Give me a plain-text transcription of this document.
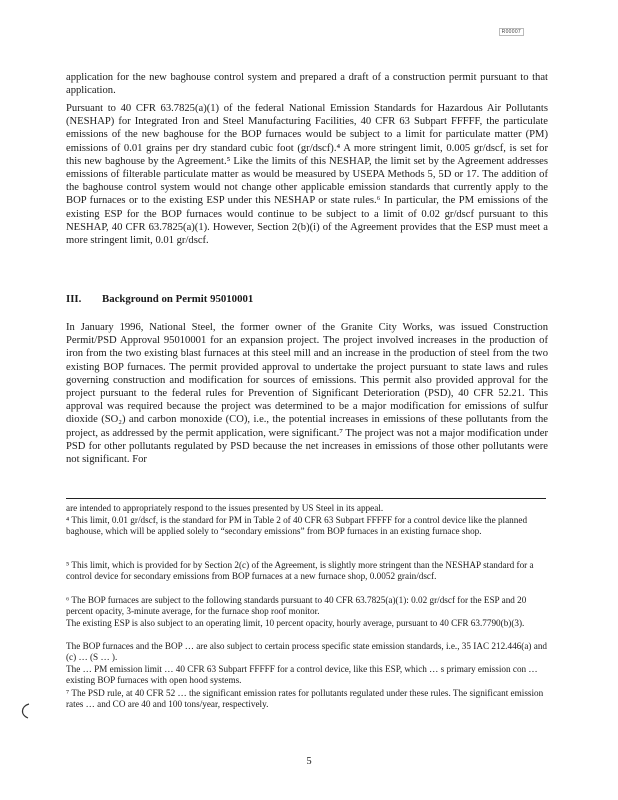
R00007

application for the new baghouse control system and prepared a draft of a construction permit pursuant to that application.

Pursuant to 40 CFR 63.7825(a)(1) of the federal National Emission Standards for Hazardous Air Pollutants (NESHAP) for Integrated Iron and Steel Manufacturing Facilities, 40 CFR 63 Subpart FFFFF, the particulate emissions of the new baghouse for the BOP furnaces would be subject to a limit for particulate matter (PM) emissions of 0.01 grains per dry standard cubic foot (gr/dscf).⁴ A more stringent limit, 0.005 gr/dscf, is set for this new baghouse by the Agreement.⁵ Like the limits of this NESHAP, the limit set by the Agreement addresses emissions of filterable particulate matter as would be measured by USEPA Methods 5, 5D or 17. The addition of the baghouse control system would not change other applicable emission standards that currently apply to the BOP furnaces or to the existing ESP under this NESHAP or state rules.⁶ In particular, the PM emissions of the existing ESP for the BOP furnaces would continue to be subject to a limit of 0.02 gr/dscf pursuant to this NESHAP, 40 CFR 63.7825(a)(1). However, Section 2(b)(i) of the Agreement provides that the ESP must meet a more stringent limit, 0.01 gr/dscf.

III. Background on Permit 95010001

In January 1996, National Steel, the former owner of the Granite City Works, was issued Construction Permit/PSD Approval 95010001 for an expansion project. The project involved increases in the production of iron from the two existing blast furnaces at this steel mill and an increase in the production of steel from the two existing BOP furnaces. The permit provided approval to undertake the project pursuant to state laws and rules governing construction and modification for sources of emissions. This permit also provided approval for the project pursuant to the federal rules for Prevention of Significant Deterioration (PSD), 40 CFR 52.21. This approval was required because the project was determined to be a major modification for emissions of sulfur dioxide (SO₂) and carbon monoxide (CO), i.e., the potential increases in emissions of these pollutants from the project, as addressed by the permit application, were significant.⁷ The project was not a major modification under PSD for other pollutants regulated by PSD because the net increases in emissions of those other pollutants were not significant. For

are intended to appropriately respond to the issues presented by US Steel in its appeal.

⁴ This limit, 0.01 gr/dscf, is the standard for PM in Table 2 of 40 CFR 63 Subpart FFFFF for a control device like the planned baghouse, which will be applied solely to “secondary emissions” from BOP furnaces in an existing furnace shop.

⁵ This limit, which is provided for by Section 2(c) of the Agreement, is slightly more stringent than the NESHAP standard for a control device for secondary emissions from BOP furnaces at a new furnace shop, 0.0052 grain/dscf.

⁶ The BOP furnaces are subject to the following standards pursuant to 40 CFR 63.7825(a)(1): 0.02 gr/dscf for the ESP and 20 percent opacity, 3-minute average, for the furnace shop roof monitor.

The existing ESP is also subject to an operating limit, 10 percent opacity, hourly average, pursuant to 40 CFR 63.7790(b)(3).

The BOP furnaces and the BOP … are also subject to certain process specific state emission standards, i.e., 35 IAC 212.446(a) and (c) … (S … ).

The … PM emission limit … 40 CFR 63 Subpart FFFFF for a control device, like this ESP, which … s primary emission con … existing BOP furnaces with open hood systems.

⁷ The PSD rule, at 40 CFR 52 … the significant emission rates for pollutants regulated under these rules. The significant emission rates … and CO are 40 and 100 tons/year, respectively.

5
